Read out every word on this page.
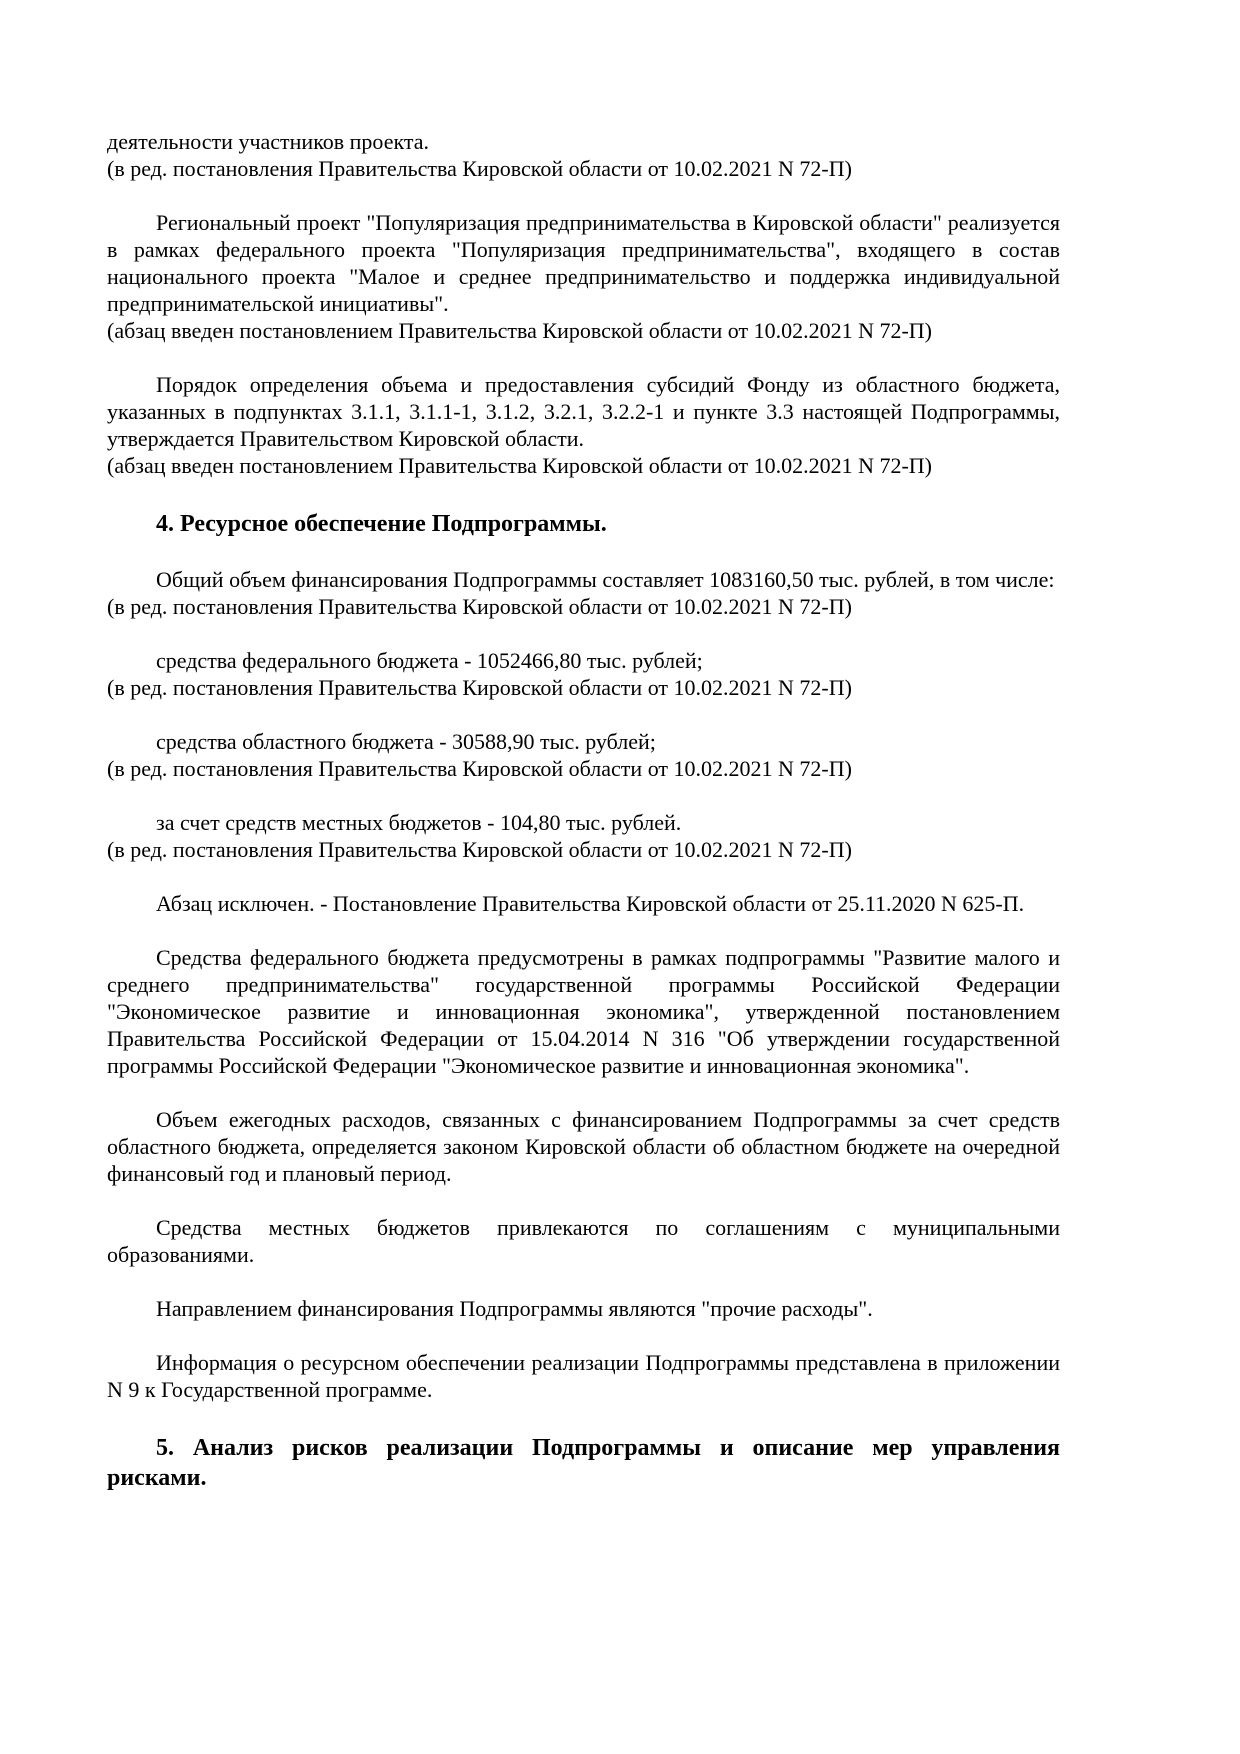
деятельности участников проекта.

(в ред. постановления Правительства Кировской области от 10.02.2021 N 72-П)

Региональный проект "Популяризация предпринимательства в Кировской области" реализуется в рамках федерального проекта "Популяризация предпринимательства", входящего в состав национального проекта "Малое и среднее предпринимательство и поддержка индивидуальной предпринимательской инициативы".

(абзац введен постановлением Правительства Кировской области от 10.02.2021 N 72-П)

Порядок определения объема и предоставления субсидий Фонду из областного бюджета, указанных в подпунктах 3.1.1, 3.1.1-1, 3.1.2, 3.2.1, 3.2.2-1 и пункте 3.3 настоящей Подпрограммы, утверждается Правительством Кировской области.

(абзац введен постановлением Правительства Кировской области от 10.02.2021 N 72-П)

4. Ресурсное обеспечение Подпрограммы.

Общий объем финансирования Подпрограммы составляет 1083160,50 тыс. рублей, в том числе:

(в ред. постановления Правительства Кировской области от 10.02.2021 N 72-П)

средства федерального бюджета - 1052466,80 тыс. рублей;

(в ред. постановления Правительства Кировской области от 10.02.2021 N 72-П)

средства областного бюджета - 30588,90 тыс. рублей;

(в ред. постановления Правительства Кировской области от 10.02.2021 N 72-П)

за счет средств местных бюджетов - 104,80 тыс. рублей.

(в ред. постановления Правительства Кировской области от 10.02.2021 N 72-П)

Абзац исключен. - Постановление Правительства Кировской области от 25.11.2020 N 625-П.

Средства федерального бюджета предусмотрены в рамках подпрограммы "Развитие малого и среднего предпринимательства" государственной программы Российской Федерации "Экономическое развитие и инновационная экономика", утвержденной постановлением Правительства Российской Федерации от 15.04.2014 N 316 "Об утверждении государственной программы Российской Федерации "Экономическое развитие и инновационная экономика".

Объем ежегодных расходов, связанных с финансированием Подпрограммы за счет средств областного бюджета, определяется законом Кировской области об областном бюджете на очередной финансовый год и плановый период.

Средства местных бюджетов привлекаются по соглашениям с муниципальными образованиями.

Направлением финансирования Подпрограммы являются "прочие расходы".

Информация о ресурсном обеспечении реализации Подпрограммы представлена в приложении N 9 к Государственной программе.

5. Анализ рисков реализации Подпрограммы и описание мер управления рисками.
